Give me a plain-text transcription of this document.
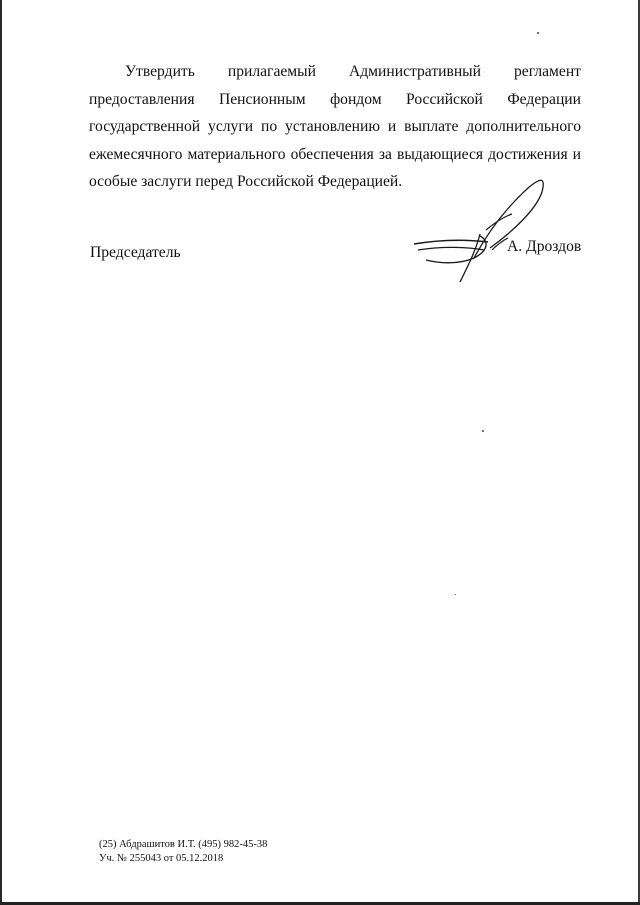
Утвердить прилагаемый Административный регламент предоставления Пенсионным фондом Российской Федерации государственной услуги по установлению и выплате дополнительного ежемесячного материального обеспечения за выдающиеся достижения и особые заслуги перед Российской Федерацией.

Председатель	А. Дроздов
(25) Абдрашитов И.Т. (495) 982-45-38
Уч. № 255043 от 05.12.2018
